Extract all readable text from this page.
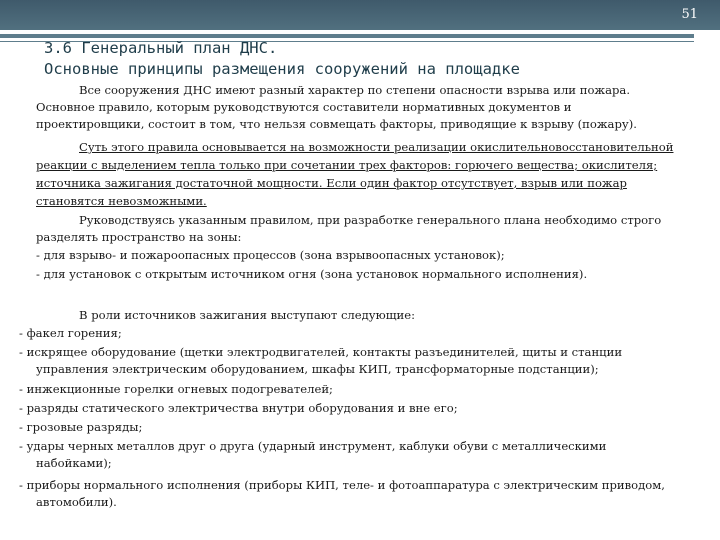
51
3.6 Генеральный план ДНС.
Основные принципы размещения сооружений на площадке
Все сооружения ДНС имеют разный характер по степени опасности взрыва или пожара.
Основное правило, которым руководствуются составители нормативных документов и
проектировщики, состоит в том, что нельзя совмещать факторы, приводящие к взрыву (пожару).
Суть этого правила основывается на возможности реализации окислительновосстановительной
реакции с выделением тепла только при сочетании трех факторов: горючего вещества; окислителя;
источника зажигания достаточной мощности. Если один фактор отсутствует, взрыв или пожар
становятся невозможными.
Руководствуясь указанным правилом, при разработке генерального плана необходимо строго
разделять пространство на зоны:
- для взрыво- и пожароопасных процессов (зона взрывоопасных установок);
- для установок с открытым источником огня (зона установок нормального исполнения).
В роли источников зажигания выступают следующие:
- факел горения;
- искрящее оборудование (щетки электродвигателей, контакты разъединителей, щиты и станции
управления электрическим оборудованием, шкафы КИП, трансформаторные подстанции);
- инжекционные горелки огневых подогревателей;
- разряды статического электричества внутри оборудования и вне его;
- грозовые разряды;
- удары черных металлов друг о друга (ударный инструмент, каблуки обуви с металлическими
набойками);
- приборы нормального исполнения (приборы КИП, теле- и фотоаппаратура с электрическим приводом,
автомобили).
